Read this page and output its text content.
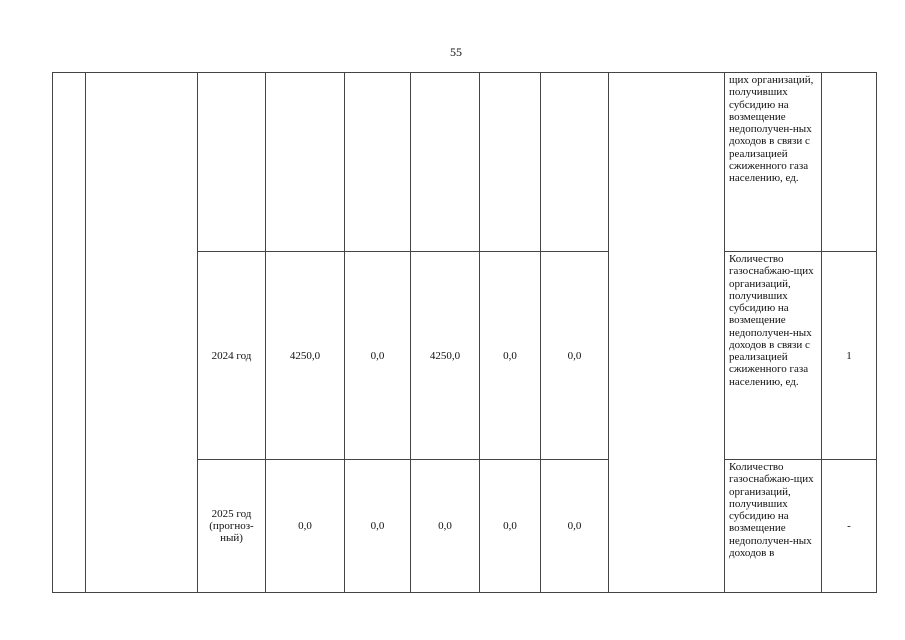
55

									щих организаций, получивших субсидию на возмещение недополучен-ных доходов в связи с реализацией сжиженного газа населению, ед.	

		2024 год	4250,0	0,0	4250,0	0,0	0,0		Количество газоснабжаю-щих организаций, получивших субсидию на возмещение недополучен-ных доходов в связи с реализацией сжиженного газа населению, ед.	1
		2025 год (прогноз-ный)	0,0	0,0	0,0	0,0	0,0		Количество газоснабжаю-щих организаций, получивших субсидию на возмещение недополучен-ных доходов в	-
